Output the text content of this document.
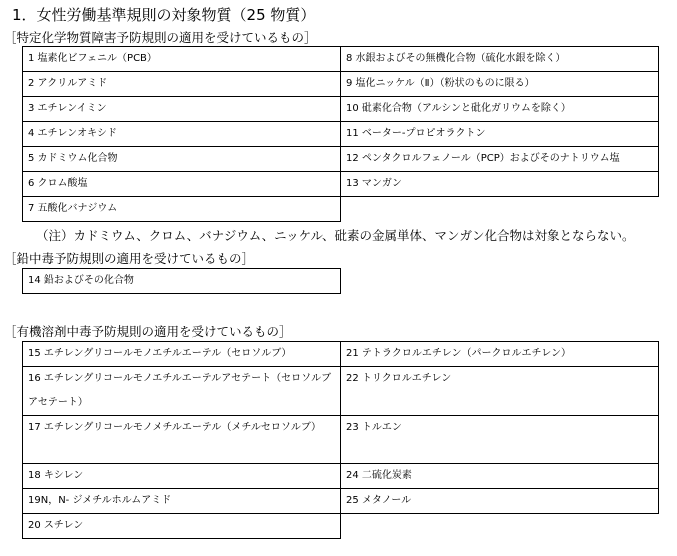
1．女性労働基準規則の対象物質（25 物質）
［特定化学物質障害予防規則の適用を受けているもの］
1 塩素化ビフェニル（PCB）	8 水銀およびその無機化合物（硫化水銀を除く）
2 アクリルアミド	9 塩化ニッケル（Ⅱ）（粉状のものに限る）
3 エチレンイミン	10 砒素化合物（アルシンと砒化ガリウムを除く）
4 エチレンオキシド	11 ベーター-プロピオラクトン
5 カドミウム化合物	12 ペンタクロルフェノール（PCP）およびそのナトリウム塩
6 クロム酸塩	13 マンガン
7 五酸化バナジウム	
（注）カドミウム、クロム、バナジウム、ニッケル、砒素の金属単体、マンガン化合物は対象とならない。
［鉛中毒予防規則の適用を受けているもの］
14 鉛およびその化合物
［有機溶剤中毒予防規則の適用を受けているもの］
15 エチレングリコールモノエチルエーテル（セロソルブ）	21 テトラクロルエチレン（パークロルエチレン）
16 エチレングリコールモノエチルエーテルアセテート（セロソルブアセテート）	22 トリクロルエチレン
17 エチレングリコールモノメチルエーテル（メチルセロソルブ）	23 トルエン
18 キシレン	24 二硫化炭素
19N，N- ジメチルホルムアミド	25 メタノール
20 スチレン	
